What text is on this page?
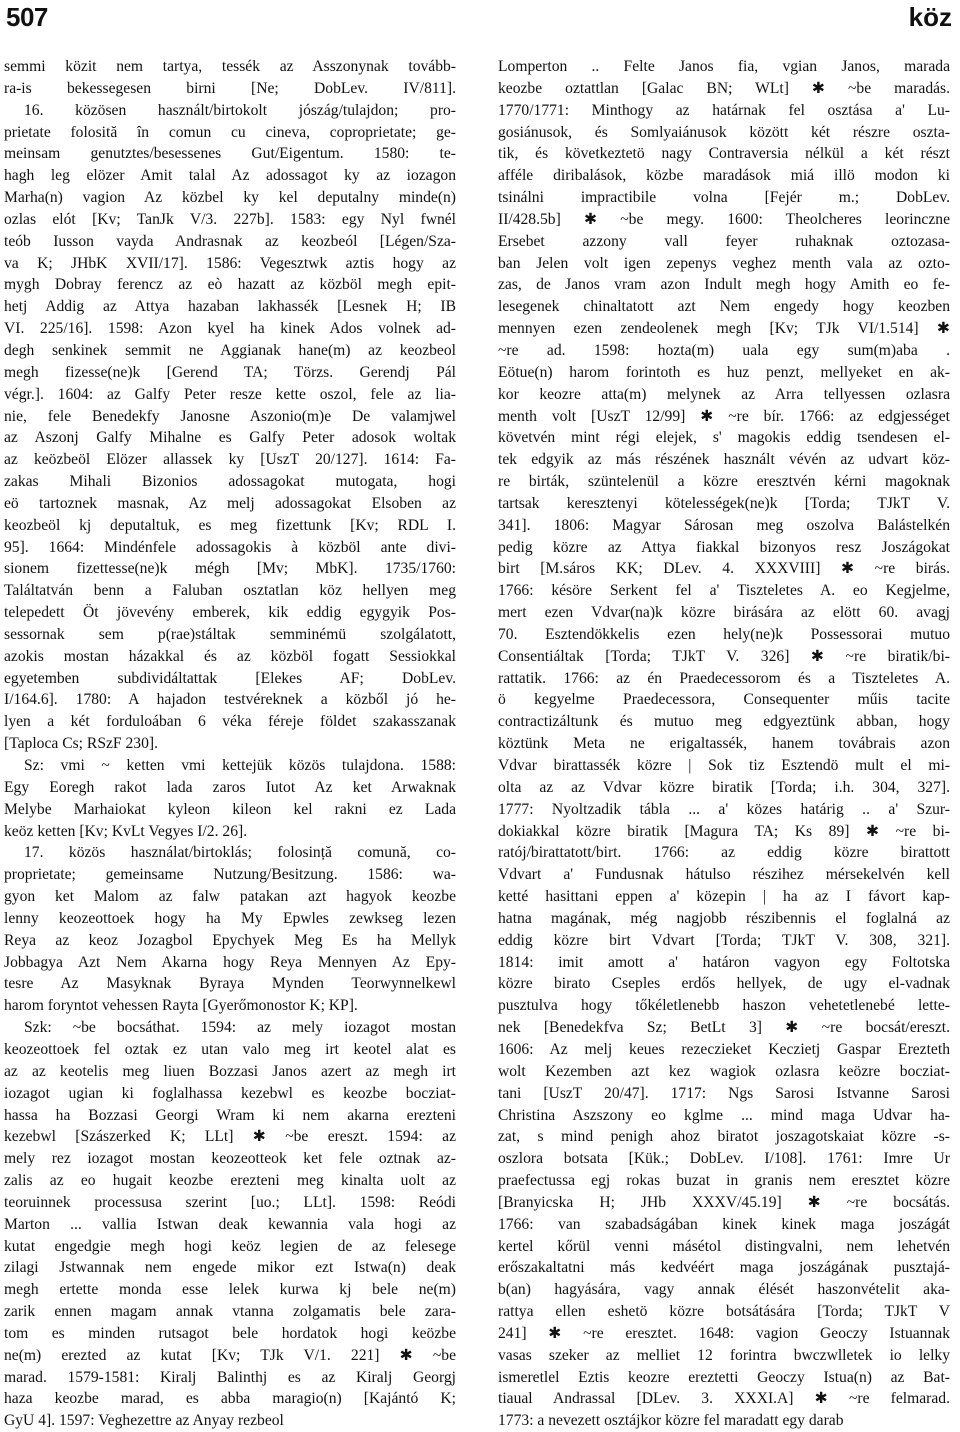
507	köz
semmi közit nem tartya, tessék az Asszonynak tovább-
ra-is bekessegesen birni [Ne; DobLev. IV/811].
16. közösen használt/birtokolt jószág/tulajdon; pro-
prietate folosită în comun cu cineva, coproprietate; ge-
meinsam genutztes/besessenes Gut/Eigentum. 1580: te-
hagh leg elözer Amit talal Az adossagot ky az iozagon
Marha(n) vagion Az közbel ky kel deputalny minde(n)
ozlas elót [Kv; TanJk V/3. 227b]. 1583: egy Nyl fwnél
teób Iusson vayda Andrasnak az keozbeól [Légen/Sza-
va K; JHbK XVII/17]. 1586: Vegesztwk aztis hogy az
mygh Dobray ferencz az eò hazatt az közböl megh epit-
hetj Addig az Attya hazaban lakhassék [Lesnek H; IB
VI. 225/16]. 1598: Azon kyel ha kinek Ados volnek ad-
degh senkinek semmit ne Aggianak hane(m) az keozbeol
megh fizesse(ne)k [Gerend TA; Törzs. Gerendj Pál
végr.]. 1604: az Galfy Peter resze kette oszol, fele az lia-
nie, fele Benedekfy Janosne Aszonio(m)e De valamjwel
az Aszonj Galfy Mihalne es Galfy Peter adosok woltak
az keözbeöl Elözer allassek ky [UszT 20/127]. 1614: Fa-
zakas Mihali Bizonios adossagokat mutogata, hogi
eö tartoznek masnak, Az melj adossagokat Elsoben az
keozbeöl kj deputaltuk, es meg fizettunk [Kv; RDL I.
95]. 1664: Mindénfele adossagokis à közböl ante divi-
sionem fizettesse(ne)k mégh [Mv; MbK]. 1735/1760:
Találtatván benn a Faluban osztatlan köz hellyen meg
telepedett Öt jövevény emberek, kik eddig egygyik Pos-
sessornak sem p(rae)stáltak semminémü szolgálatott,
azokis mostan házakkal és az közböl fogatt Sessiokkal
egyetemben subdividáltattak [Elekes AF; DobLev.
I/164.6]. 1780: A hajadon testvéreknek a közből jó he-
lyen a két forduloában 6 véka féreje földet szakasszanak
[Taploca Cs; RSzF 230].
Sz: vmi ~ ketten vmi kettejük közös tulajdona. 1588:
Egy Eoregh rakot lada zaros Iutot Az ket Arwaknak
Melybe Marhaiokat kyleon kileon kel rakni ez Lada
keöz ketten [Kv; KvLt Vegyes I/2. 26].
17. közös használat/birtoklás; folosință comună, co-
proprietate; gemeinsame Nutzung/Besitzung. 1586: wa-
gyon ket Malom az falw patakan azt hagyok keozbe
lenny keozeottoek hogy ha My Epwles zewkseg lezen
Reya az keoz Jozagbol Epychyek Meg Es ha Mellyk
Jobbagya Azt Nem Akarna hogy Reya Mennyen Az Epy-
tesre Az Masyknak Byraya Mynden Teorwynnelkewl
harom foryntot vehessen Rayta [Gyerőmonostor K; KP].
Szk: ~be bocsáthat. 1594: az mely iozagot mostan
keozeottoek fel oztak ez utan valo meg irt keotel alat es
az az keotelis meg liuen Bozzasi Janos azert az megh irt
iozagot ugian ki foglalhassa kezebwl es keozbe bocziat-
hassa ha Bozzasi Georgi Wram ki nem akarna erezteni
kezebwl [Szászerked K; LLt] ✱ ~be ereszt. 1594: az
mely rez iozagot mostan keozeotteok ket fele oztnak az-
zalis az eo hugait keozbe erezteni meg kinalta uolt az
teoruinnek processusa szerint [uo.; LLt]. 1598: Reódi
Marton ... vallia Istwan deak kewannia vala hogi az
kutat engedgie megh hogi keöz legien de az felesege
zilagi Jstwannak nem engede mikor ezt Istwa(n) deak
megh ertette monda esse lelek kurwa kj bele ne(m)
zarik ennen magam annak vtanna zolgamatis bele zara-
tom es minden rutsagot bele hordatok hogi keözbe
ne(m) erezted az kutat [Kv; TJk V/1. 221] ✱ ~be
marad. 1579-1581: Kiralj Balinthj es az Kiralj Georgj
haza keozbe marad, es abba maragio(n) [Kajántó K;
GyU 4]. 1597: Veghezettre az Anyay rezbeol
Lomperton .. Felte Janos fia, vgian Janos, marada
keozbe oztattlan [Galac BN; WLt] ✱ ~be maradás.
1770/1771: Minthogy az határnak fel osztása a' Lu-
gosiánusok, és Somlyaiánusok között két részre oszta-
tik, és következtetö nagy Contraversia nélkül a két részt
afféle diribalások, közbe maradások miá illö modon ki
tsinálni impractibile volna [Fejér m.; DobLev.
II/428.5b] ✱ ~be megy. 1600: Theolcheres leorinczne
Ersebet azzony vall feyer ruhaknak oztozasa-
ban Jelen volt igen zepenys veghez menth vala az ozto-
zas, de Janos vram azon Indult megh hogy Amith eo fe-
lesegenek chinaltatott azt Nem engedy hogy keozben
mennyen ezen zendeolenek megh [Kv; TJk VI/1.514] ✱
~re ad. 1598: hozta(m) uala egy sum(m)aba .
Eötue(n) harom forintoth es huz penzt, mellyeket en ak-
kor keozre atta(m) melynek az Arra tellyessen ozlasra
menth volt [UszT 12/99] ✱ ~re bír. 1766: az edgjességet
követvén mint régi elejek, s' magokis eddig tsendesen el-
tek edgyik az más részének használt vévén az udvart köz-
re birták, szüntelenül a közre eresztvén kérni magoknak
tartsak keresztenyi kötelességek(ne)k [Torda; TJkT V.
341]. 1806: Magyar Sárosan meg oszolva Balástelkén
pedig közre az Attya fiakkal bizonyos resz Joszágokat
birt [M.sáros KK; DLev. 4. XXXVIII] ✱ ~re birás.
1766: késöre Serkent fel a' Tiszteletes A. eo Kegjelme,
mert ezen Vdvar(na)k közre birására az elött 60. avagj
70. Esztendökkelis ezen hely(ne)k Possessorai mutuo
Consentiáltak [Torda; TJkT V. 326] ✱ ~re biratik/bi-
rattatik. 1766: az én Praedecessorom és a Tiszteletes A.
ö kegyelme Praedecessora, Consequenter műis tacite
contractizáltunk és mutuo meg edgyeztünk abban, hogy
köztünk Meta ne erigaltassék, hanem továbrais azon
Vdvar birattassék közre | Sok tiz Esztendö mult el mi-
olta az az Vdvar közre biratik [Torda; i.h. 304, 327].
1777: Nyoltzadik tábla ... a' közes határig .. a' Szur-
dokiakkal közre biratik [Magura TA; Ks 89] ✱ ~re bi-
ratój/birattatott/birt. 1766: az eddig közre birattott
Vdvart a' Fundusnak hátulso részihez mérsekelvén kell
ketté hasittani eppen a' közepin | ha az I fávort kap-
hatna magának, még nagjobb részibennis el foglalná az
eddig közre birt Vdvart [Torda; TJkT V. 308, 321].
1814: imit amott a' határon vagyon egy Foltotska
közre birato Cseples erdős hellyek, de ugy el-vadnak
pusztulva hogy tőkéletlenebb haszon vehetetlenebé lette-
nek [Benedekfva Sz; BetLt 3] ✱ ~re bocsát/ereszt.
1606: Az melj keues rezeczieket Keczietj Gaspar Erezteth
wolt Kezemben azt kez wagiok ozlasra keözre bocziat-
tani [UszT 20/47]. 1717: Ngs Sarosi Istvanne Sarosi
Christina Aszszony eo kglme ... mind maga Udvar ha-
zat, s mind penigh ahoz biratot joszagotskaiat közre -s-
oszlora botsata [Kük.; DobLev. I/108]. 1761: Imre Ur
praefectussa egj rokas buzat in granis nem eresztet közre
[Branyicska H; JHb XXXV/45.19] ✱ ~re bocsátás.
1766: van szabadságában kinek kinek maga joszágát
kertel kőrül venni másétol distingvalni, nem lehetvén
erőszakaltatni más kedvéért maga joszágának pusztajá-
b(an) hagyására, vagy annak élését haszonvételit aka-
rattya ellen eshetö közre botsátására [Torda; TJkT V
241] ✱ ~re eresztet. 1648: vagion Geoczy Istuannak
vasas szeker az melliet 12 forintra bwczwlletek io lelky
ismeretlel Eztis keozre ereztetti Geoczy Istua(n) az Bat-
tiaual Andrassal [DLev. 3. XXXI.A] ✱ ~re felmarad.
1773: a nevezett osztájkor közre fel maradatt egy darab
